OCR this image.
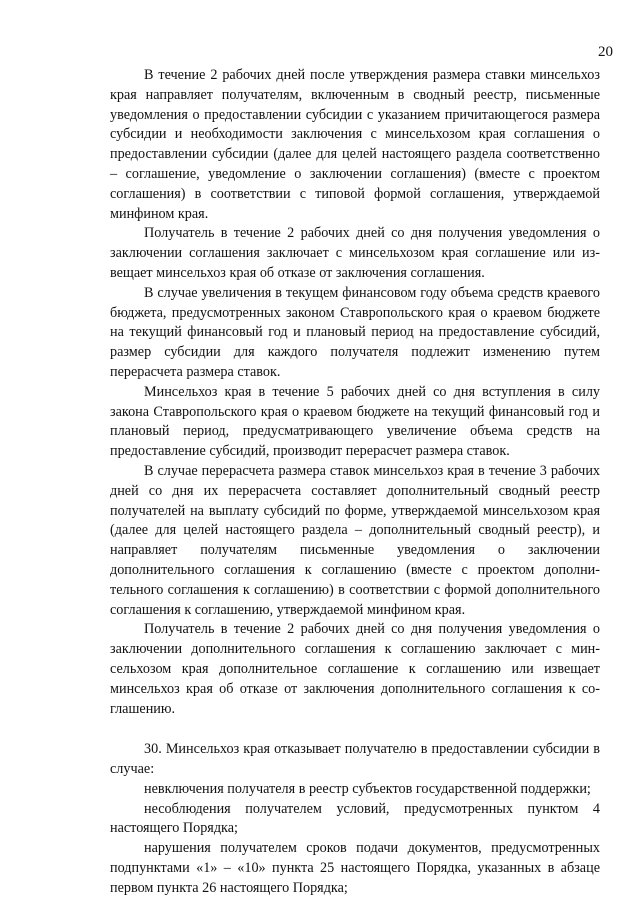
20

В течение 2 рабочих дней после утверждения размера ставки минсельхоз края направляет получателям, включенным в сводный реестр, письменные уведомления о предоставлении субсидии с указанием причитающегося размера субсидии и необходимости заключения с минсельхозом края соглашения о предоставлении субсидии (далее для целей настоящего раздела соответственно – соглашение, уведомление о заключении соглашения) (вместе с проектом соглашения) в соответствии с типовой формой соглашения, утверждаемой минфином края.

Получатель в течение 2 рабочих дней со дня получения уведомления о заключении соглашения заключает с минсельхозом края соглашение или извещает минсельхоз края об отказе от заключения соглашения.

В случае увеличения в текущем финансовом году объема средств краевого бюджета, предусмотренных законом Ставропольского края о краевом бюджете на текущий финансовый год и плановый период на предоставление субсидий, размер субсидии для каждого получателя подлежит изменению путем перерасчета размера ставок.

Минсельхоз края в течение 5 рабочих дней со дня вступления в силу закона Ставропольского края о краевом бюджете на текущий финансовый год и плановый период, предусматривающего увеличение объема средств на предоставление субсидий, производит перерасчет размера ставок.

В случае перерасчета размера ставок минсельхоз края в течение 3 рабочих дней со дня их перерасчета составляет дополнительный сводный реестр получателей на выплату субсидий по форме, утверждаемой минсельхозом края (далее для целей настоящего раздела – дополнительный сводный реестр), и направляет получателям письменные уведомления о заключении дополнительного соглашения к соглашению (вместе с проектом дополнительного соглашения к соглашению) в соответствии с формой дополнительного соглашения к соглашению, утверждаемой минфином края.

Получатель в течение 2 рабочих дней со дня получения уведомления о заключении дополнительного соглашения к соглашению заключает с минсельхозом края дополнительное соглашение к соглашению или извещает минсельхоз края об отказе от заключения дополнительного соглашения к соглашению.

30. Минсельхоз края отказывает получателю в предоставлении субсидии в случае:

невключения получателя в реестр субъектов государственной поддержки;

несоблюдения получателем условий, предусмотренных пунктом 4 настоящего Порядка;

нарушения получателем сроков подачи документов, предусмотренных подпунктами «1» – «10» пункта 25 настоящего Порядка, указанных в абзаце первом пункта 26 настоящего Порядка;
